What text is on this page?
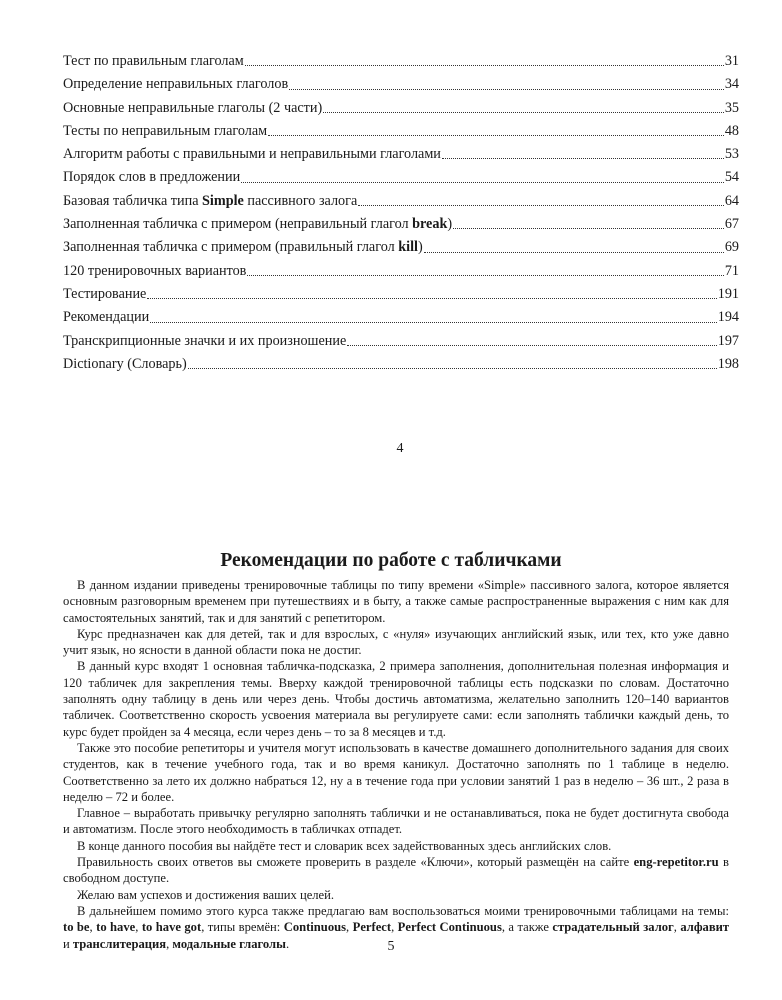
Тест по правильным глаголам	31
Определение неправильных глаголов	34
Основные неправильные глаголы (2 части)	35
Тесты по неправильным глаголам	48
Алгоритм работы с правильными и неправильными глаголами	53
Порядок слов в предложении	54
Базовая табличка типа Simple пассивного залога	64
Заполненная табличка с примером (неправильный глагол break)	67
Заполненная табличка с примером (правильный глагол kill)	69
120 тренировочных вариантов	71
Тестирование	191
Рекомендации	194
Транскрипционные значки и их произношение	197
Dictionary (Словарь)	198
4
Рекомендации по работе с табличками

В данном издании приведены тренировочные таблицы по типу времени «Simple» пассивного залога, которое является основным разговорным временем при путешествиях и в быту, а также самые распространенные выражения с ним как для самостоятельных занятий, так и для занятий с репетитором.

Курс предназначен как для детей, так и для взрослых, с «нуля» изучающих английский язык, или тех, кто уже давно учит язык, но ясности в данной области пока не достиг.

В данный курс входят 1 основная табличка-подсказка, 2 примера заполнения, дополнительная полезная информация и 120 табличек для закрепления темы. Вверху каждой тренировочной таблицы есть подсказки по словам. Достаточно заполнять одну таблицу в день или через день. Чтобы достичь автоматизма, желательно заполнить 120–140 вариантов табличек. Соответственно скорость усвоения материала вы регулируете сами: если заполнять таблички каждый день, то курс будет пройден за 4 месяца, если через день – то за 8 месяцев и т.д.

Также это пособие репетиторы и учителя могут использовать в качестве домашнего дополнительного задания для своих студентов, как в течение учебного года, так и во время каникул. Достаточно заполнять по 1 таблице в неделю. Соответственно за лето их должно набраться 12, ну а в течение года при условии занятий 1 раз в неделю – 36 шт., 2 раза в неделю – 72 и более.

Главное – выработать привычку регулярно заполнять таблички и не останавливаться, пока не будет достигнута свобода и автоматизм. После этого необходимость в табличках отпадет.

В конце данного пособия вы найдёте тест и словарик всех задействованных здесь английских слов.

Правильность своих ответов вы сможете проверить в разделе «Ключи», который размещён на сайте eng-repetitor.ru в свободном доступе.

Желаю вам успехов и достижения ваших целей.

В дальнейшем помимо этого курса также предлагаю вам воспользоваться моими тренировочными таблицами на темы: to be, to have, to have got, типы времён: Continuous, Perfect, Perfect Continuous, а также страдательный залог, алфавит и транслитерация, модальные глаголы.	5
